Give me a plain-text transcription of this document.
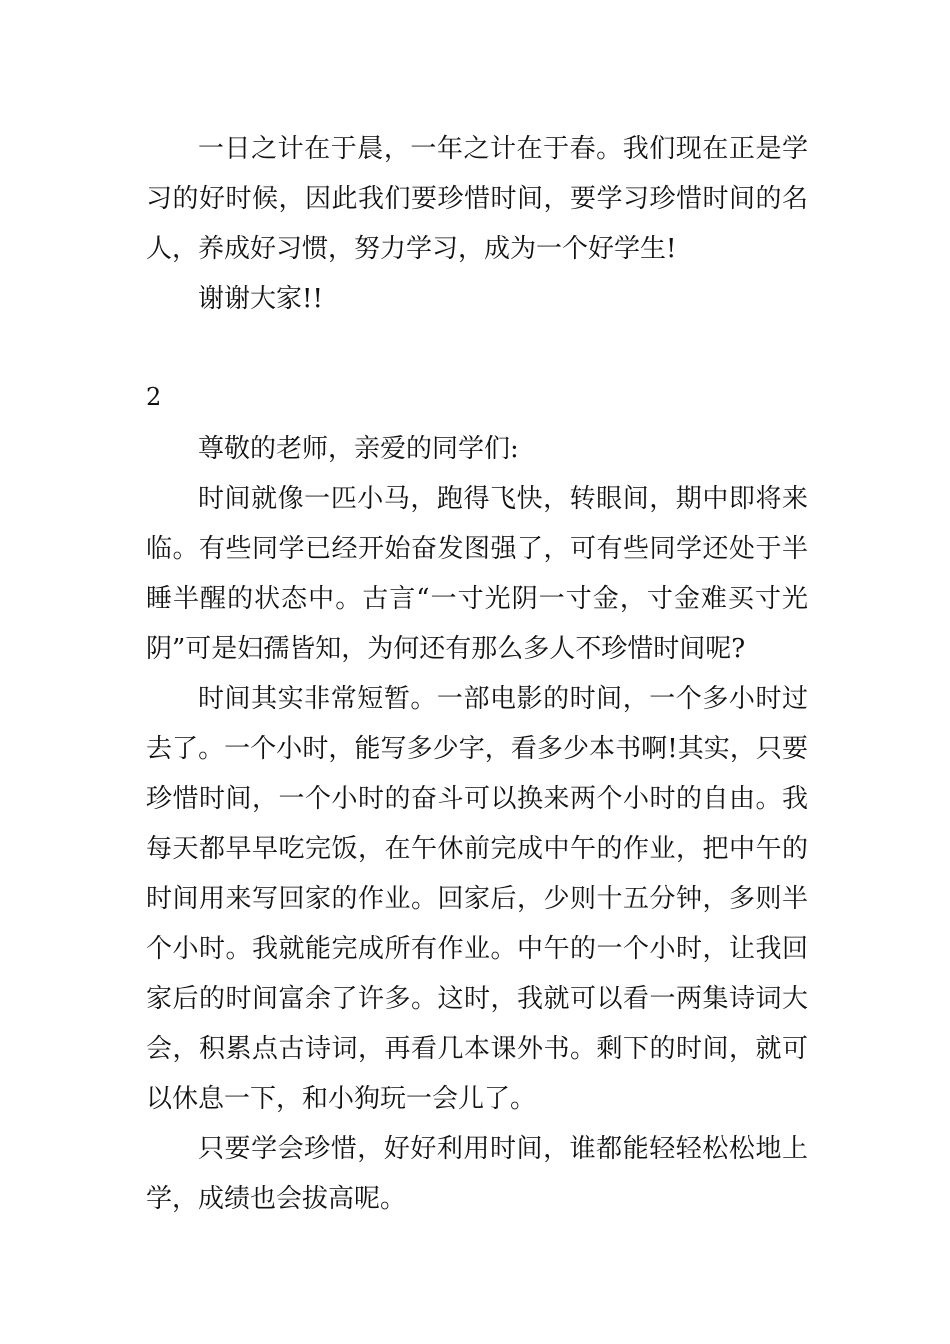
一日之计在于晨，一年之计在于春。我们现在正是学习的好时候，因此我们要珍惜时间，要学习珍惜时间的名人，养成好习惯，努力学习，成为一个好学生!

谢谢大家!!

2

尊敬的老师，亲爱的同学们:

时间就像一匹小马，跑得飞快，转眼间，期中即将来临。有些同学已经开始奋发图强了，可有些同学还处于半睡半醒的状态中。古言“一寸光阴一寸金，寸金难买寸光阴”可是妇孺皆知，为何还有那么多人不珍惜时间呢?

时间其实非常短暂。一部电影的时间，一个多小时过去了。一个小时，能写多少字，看多少本书啊!其实，只要珍惜时间，一个小时的奋斗可以换来两个小时的自由。我每天都早早吃完饭，在午休前完成中午的作业，把中午的时间用来写回家的作业。回家后，少则十五分钟，多则半个小时。我就能完成所有作业。中午的一个小时，让我回家后的时间富余了许多。这时，我就可以看一两集诗词大会，积累点古诗词，再看几本课外书。剩下的时间，就可以休息一下，和小狗玩一会儿了。

只要学会珍惜，好好利用时间，谁都能轻轻松松地上学，成绩也会拔高呢。
